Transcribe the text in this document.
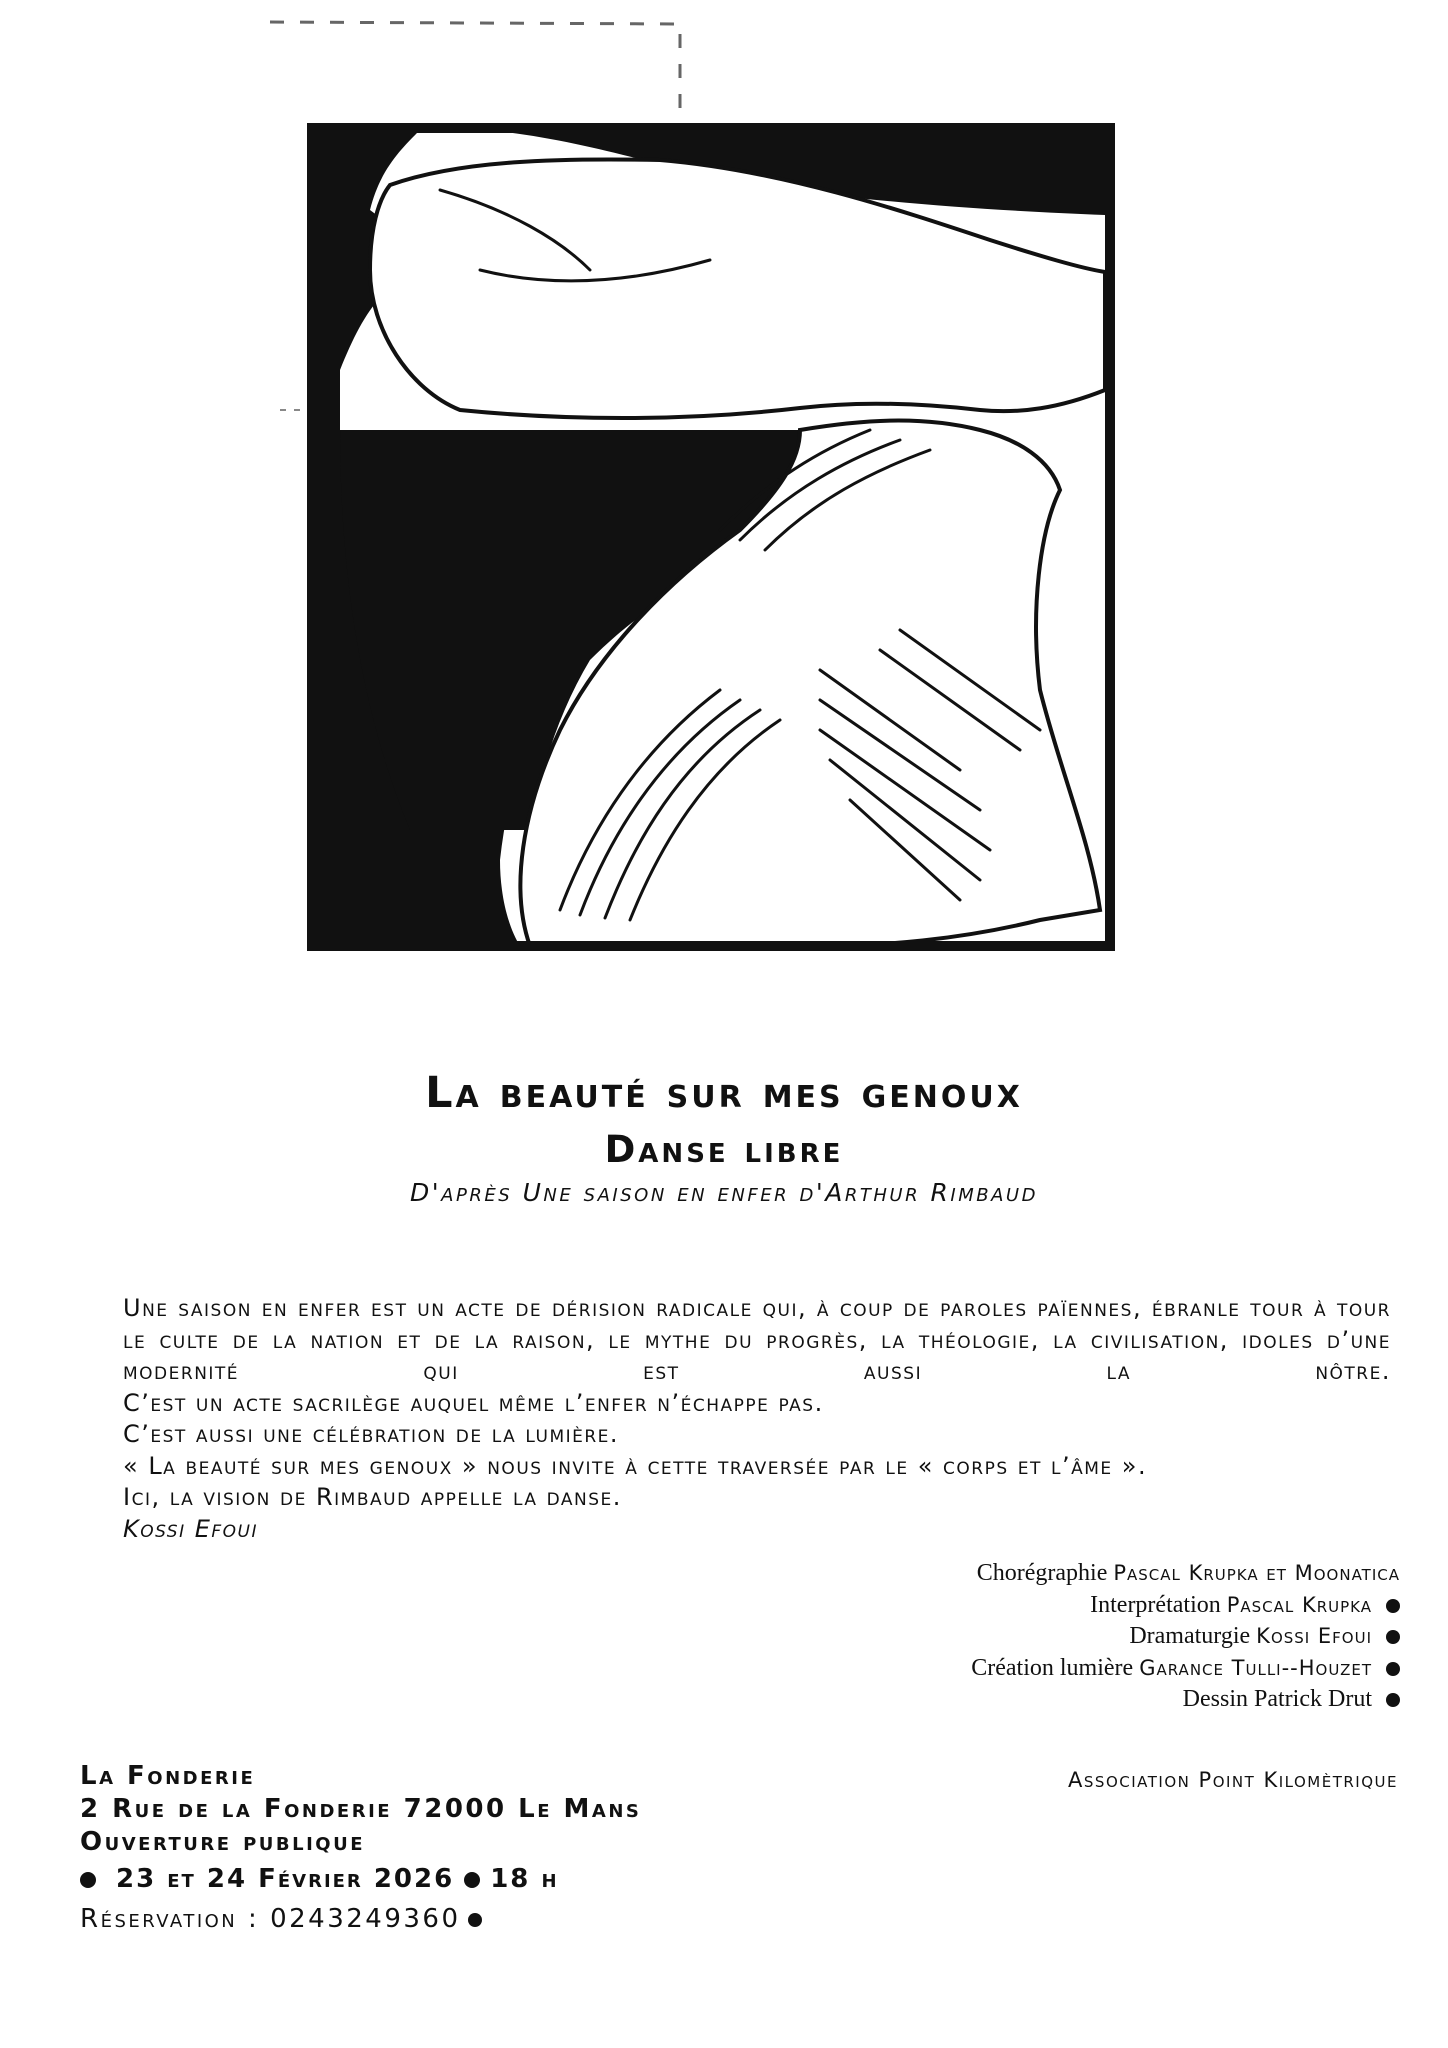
La beauté sur mes genoux
Danse libre
D'après Une saison en enfer d'Arthur Rimbaud

Une saison en enfer est un acte de dérision radicale qui, à coup de paroles païennes, ébranle tour à tour le culte de la nation et de la raison, le mythe du progrès, la théologie, la civilisation, idoles d’une modernité qui est aussi la nôtre.

C’est un acte sacrilège auquel même l’enfer n’échappe pas.

C’est aussi une célébration de la lumière.

« La beauté sur mes genoux » nous invite à cette traversée par le « corps et l’âme ».

Ici, la vision de Rimbaud appelle la danse.

Kossi Efoui

Chorégraphie Pascal Krupka et Moonatica
Interprétation Pascal Krupka
Dramaturgie Kossi Efoui
Création lumière Garance Tulli--Houzet
Dessin Patrick Drut
Association Point Kilomètrique
La Fonderie
2 Rue de la Fonderie 72000 Le Mans
Ouverture publique
23 et 24 Février 2026 18 h
Réservation : 0243249360
